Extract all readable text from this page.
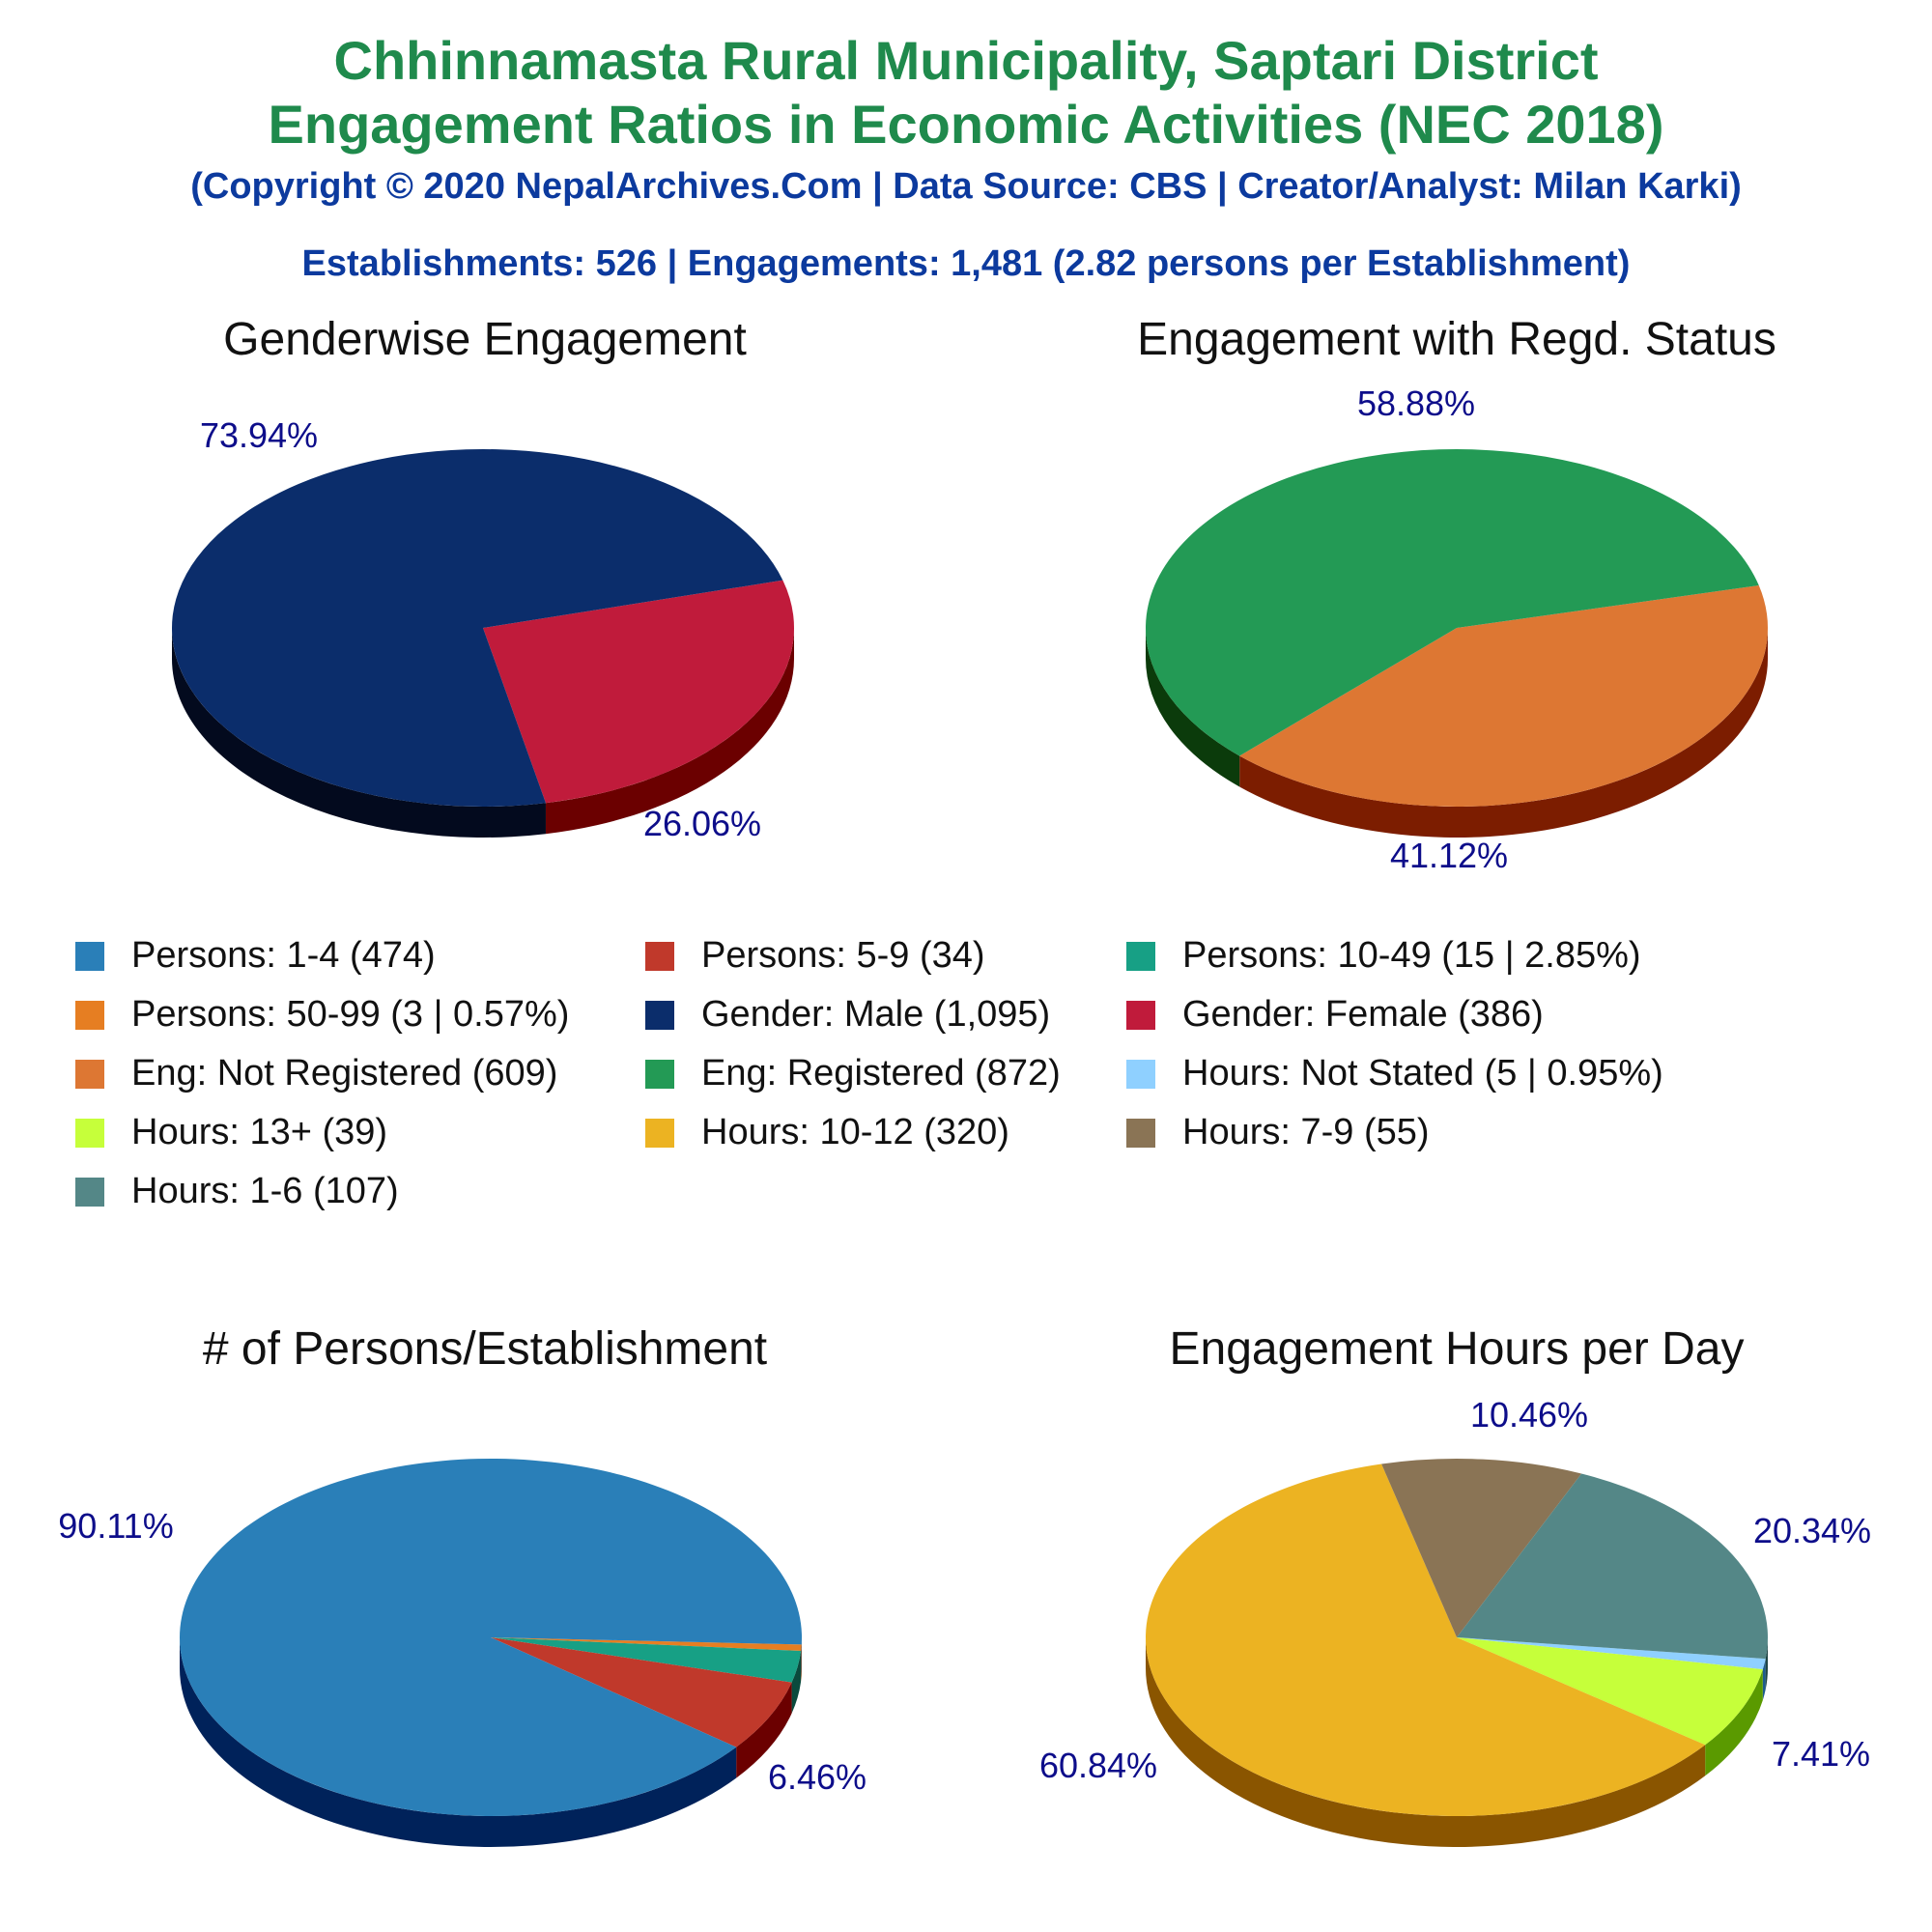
Chhinnamasta Rural Municipality, Saptari District
Engagement Ratios in Economic Activities (NEC 2018)
(Copyright © 2020 NepalArchives.Com | Data Source: CBS | Creator/Analyst: Milan Karki)
Establishments: 526 | Engagements: 1,481 (2.82 persons per Establishment)
Genderwise Engagement
26.06%
73.94%
Engagement with Regd. Status
41.12%
58.88%
# of Persons/Establishment
6.46%
90.11%
Engagement Hours per Day
7.41%
60.84%
10.46%
20.34%
Persons: 1-4 (474)	Persons: 5-9 (34)	Persons: 10-49 (15 | 2.85%)
Persons: 50-99 (3 | 0.57%)	Gender: Male (1,095)	Gender: Female (386)
Eng: Not Registered (609)	Eng: Registered (872)	Hours: Not Stated (5 | 0.95%)
Hours: 13+ (39)	Hours: 10-12 (320)	Hours: 7-9 (55)
Hours: 1-6 (107)
